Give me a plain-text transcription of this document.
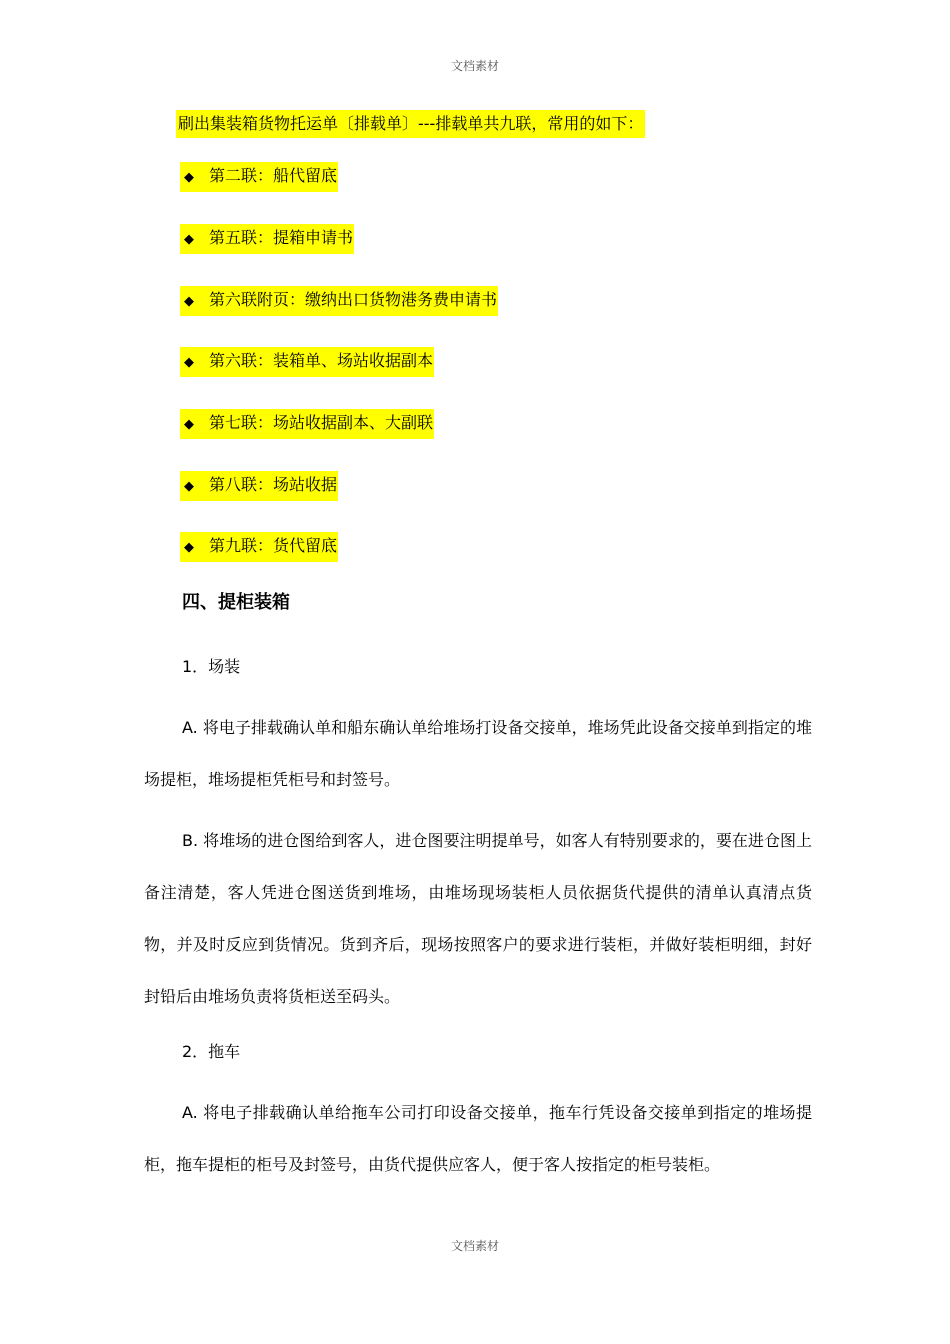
文档素材
刷出集装箱货物托运单〔排载单〕---排载单共九联，常用的如下：
◆ 第二联：船代留底
◆ 第五联：提箱申请书
◆ 第六联附页：缴纳出口货物港务费申请书
◆ 第六联：装箱单、场站收据副本
◆ 第七联：场站收据副本、大副联
◆ 第八联：场站收据
◆ 第九联：货代留底
四、提柜装箱
1．场装
A. 将电子排载确认单和船东确认单给堆场打设备交接单，堆场凭此设备交接单到指定的堆场提柜，堆场提柜凭柜号和封签号。
B. 将堆场的进仓图给到客人，进仓图要注明提单号，如客人有特别要求的，要在进仓图上备注清楚，客人凭进仓图送货到堆场，由堆场现场装柜人员依据货代提供的清单认真清点货物，并及时反应到货情况。货到齐后，现场按照客户的要求进行装柜，并做好装柜明细，封好封铅后由堆场负责将货柜送至码头。
2．拖车
A. 将电子排载确认单给拖车公司打印设备交接单，拖车行凭设备交接单到指定的堆场提柜，拖车提柜的柜号及封签号，由货代提供应客人，便于客人按指定的柜号装柜。
文档素材
